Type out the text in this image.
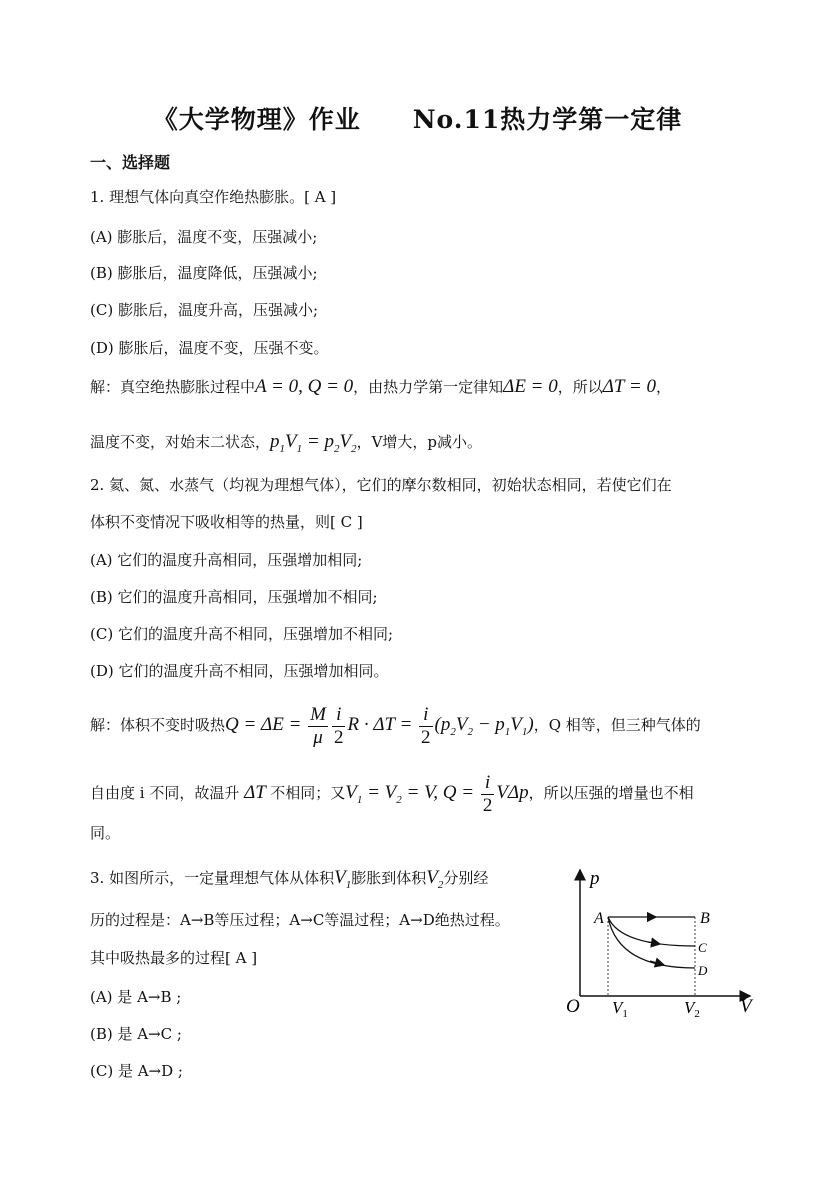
《大学物理》作业　　No.11热力学第一定律
一、选择题
1. 理想气体向真空作绝热膨胀。[ A ]
(A) 膨胀后，温度不变，压强减小;
(B) 膨胀后，温度降低，压强减小;
(C) 膨胀后，温度升高，压强减小;
(D) 膨胀后，温度不变，压强不变。
解：真空绝热膨胀过程中A = 0, Q = 0，由热力学第一定律知ΔE = 0，所以ΔT = 0，
温度不变，对始末二状态，$p_1V_1 = p_2V_2$，V增大，p减小。
2. 氦、氮、水蒸气（均视为理想气体），它们的摩尔数相同，初始状态相同，若使它们在
体积不变情况下吸收相等的热量，则[ C ]
(A) 它们的温度升高相同，压强增加相同;
(B) 它们的温度升高相同，压强增加不相同;
(C) 它们的温度升高不相同，压强增加不相同;
(D) 它们的温度升高不相同，压强增加相同。
解：体积不变时吸热$Q = \Delta E = \frac{M}{\mu} \frac{i}{2}$ $R \cdot \Delta T = \frac{i}{2} (p_2V_2 - p_1V_1)$，Q 相等，但三种气体的
自由度 i 不同，故温升 ΔT 不相同；又$V_1 = V_2 = V$, $Q = \frac{i}{2}$ VΔp，所以压强的增量也不相
同。
3. 如图所示，一定量理想气体从体积$V_1$膨胀到体积$V_2$分别经
历的过程是：A→B等压过程；A→C等温过程；A→D绝热过程。
其中吸热最多的过程[ A ]
(A) 是 A→B ;
(B) 是 A→C ;
(C) 是 A→D ;
p
V
O
A	B
C
D
$V_1$	$V_2$
